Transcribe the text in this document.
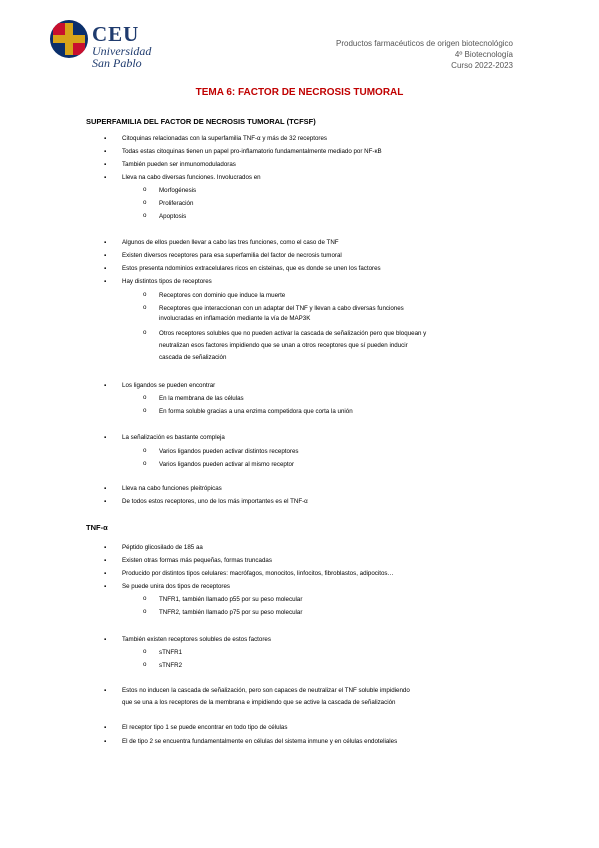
CEU
Universidad
San Pablo
Productos farmacéuticos de origen biotecnológico
4º Biotecnología
Curso 2022-2023
TEMA 6: FACTOR DE NECROSIS TUMORAL
SUPERFAMILIA DEL FACTOR DE NECROSIS TUMORAL (TCFSF)
▪	Citoquinas relacionadas con la superfamilia TNF-α y más de 32 receptores
▪	Todas estas citoquinas tienen un papel pro-inflamatorio fundamentalmente mediado por NF-κB
▪	También pueden ser inmunomoduladoras
▪	Lleva na cabo diversas funciones. Involucrados en
o Morfogénesis
o Proliferación
o Apoptosis
▪	Algunos de ellos pueden llevar a cabo las tres funciones, como el caso de TNF
▪	Existen diversos receptores para esa superfamilia del factor de necrosis tumoral
▪	Estos presenta ndominios extracelulares ricos en cisteinas, que es donde se unen los factores
▪	Hay distintos tipos de receptores
o Receptores con dominio que induce la muerte
o Receptores que interaccionan con un adaptar del TNF y llevan a cabo diversas funciones
involucradas en inflamación mediante la vía de MAP3K
o Otros receptores solubles que no pueden activar la cascada de señalización pero que bloquean y
neutralizan esos factores impidiendo que se unan a otros receptores que sí pueden inducir
cascada de señalización
▪	Los ligandos se pueden encontrar
o En la membrana de las células
o En forma soluble gracias a una enzima competidora que corta la unión
▪	La señalización es bastante compleja
o Varios ligandos pueden activar distintos receptores
o Varios ligandos pueden activar al mismo receptor
▪	Lleva na cabo funciones pleitrópicas
▪	De todos estos receptores, uno de los más importantes es el TNF-α
TNF-α
▪	Péptido glicosilado de 185 aa
▪	Existen otras formas más pequeñas, formas truncadas
▪	Producido por distintos tipos celulares: macrófagos, monocitos, linfocitos, fibroblastos, adipocitos…
▪	Se puede unira dos tipos de receptores
o TNFR1, también llamado p55 por su peso molecular
o TNFR2, también llamado p75 por su peso molecular
▪	También existen receptores solubles de estos factores
o sTNFR1
o sTNFR2
▪	Estos no inducen la cascada de señalización, pero son capaces de neutralizar el TNF soluble impidiendo
que se una a los receptores de la membrana e impidiendo que se active la cascada de señalización
▪	El receptor tipo 1 se puede encontrar en todo tipo de células
▪	El de tipo 2 se encuentra fundamentalmente en células del sistema inmune y en células endoteliales
